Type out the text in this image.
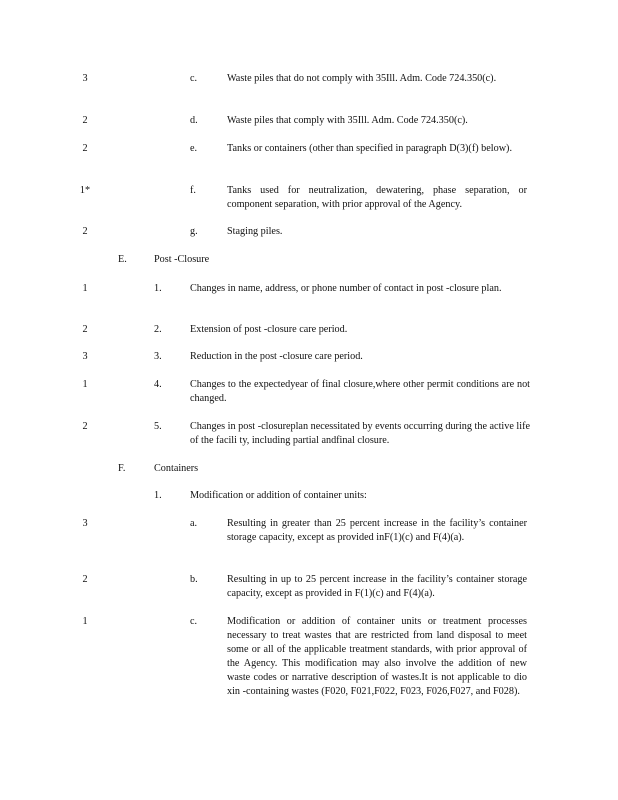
3	c.	Waste piles that do not comply with 35Ill. Adm. Code 724.350(c).
2	d.	Waste piles that comply with 35Ill. Adm. Code 724.350(c).
2	e.	Tanks or containers (other than specified in paragraph D(3)(f) below).
1*	f.	Tanks used for neutralization, dewatering, phase separation, or component separation, with prior approval of the Agency.
2	g.	Staging piles.
E.	Post -Closure
1	1.	Changes in name, address, or phone number of contact in post -closure plan.
2	2.	Extension of post -closure care period.
3	3.	Reduction in the post -closure care period.
1	4.	Changes to the expectedyear of final closure,where other permit conditions are not changed.
2	5.	Changes in post -closureplan necessitated by events occurring during the active life of the facili ty, including partial andfinal closure.
F.	Containers
1.	Modification or addition of container units:
3	a.	Resulting in greater than 25 percent increase in the facility’s container storage capacity, except as provided inF(1)(c) and F(4)(a).
2	b.	Resulting in up to 25 percent increase in the facility’s container storage capacity, except as provided in F(1)(c) and F(4)(a).
1	c.	Modification or addition of container units or treatment processes necessary to treat wastes that are restricted from land disposal to meet some or all of the applicable treatment standards, with prior approval of the Agency. This modification may also involve the addition of new waste codes or narrative description of wastes.It is not applicable to dio xin -containing wastes (F020, F021,F022, F023, F026,F027, and F028).
